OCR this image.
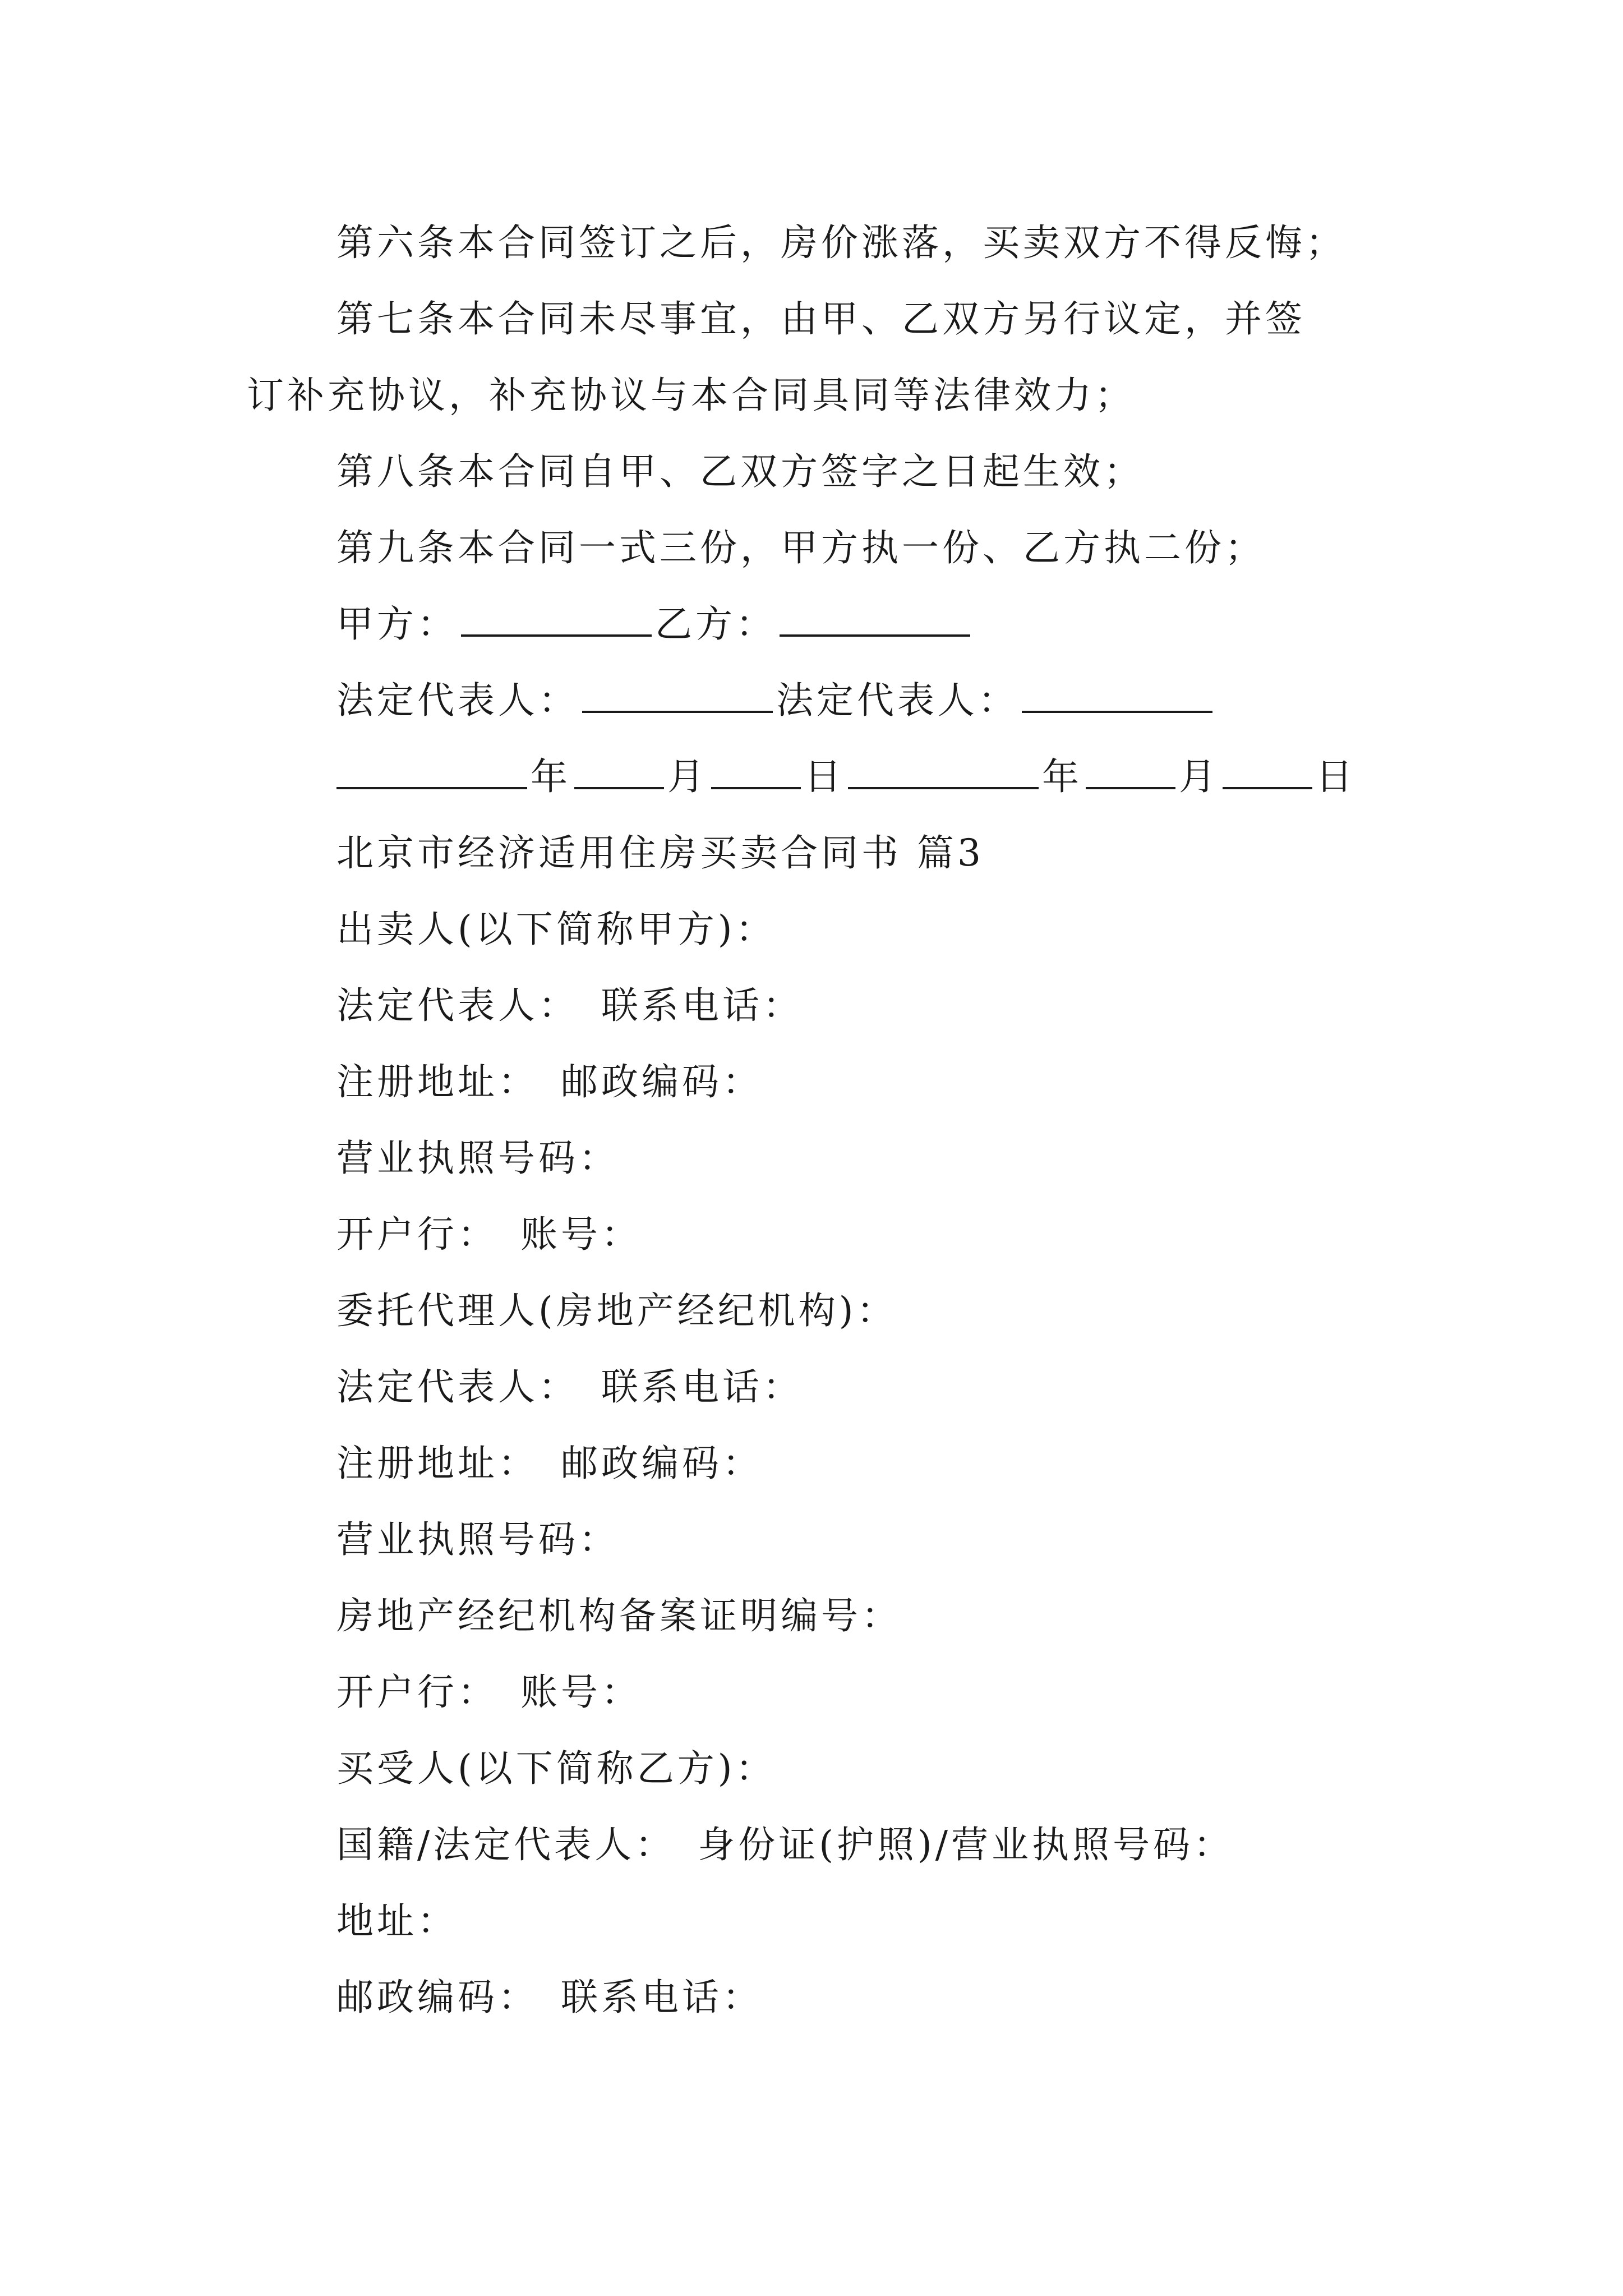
第六条本合同签订之后，房价涨落，买卖双方不得反悔；
第七条本合同未尽事宜，由甲、乙双方另行议定，并签
订补充协议，补充协议与本合同具同等法律效力；
第八条本合同自甲、乙双方签字之日起生效；
第九条本合同一式三份，甲方执一份、乙方执二份；
甲方：	乙方：
法定代表人：	法定代表人：
年	月	日	年	月	日
北京市经济适用住房买卖合同书 篇3
出卖人(以下简称甲方)：
法定代表人： 联系电话：
注册地址： 邮政编码：
营业执照号码：
开户行： 账号：
委托代理人(房地产经纪机构)：
法定代表人： 联系电话：
注册地址： 邮政编码：
营业执照号码：
房地产经纪机构备案证明编号：
开户行： 账号：
买受人(以下简称乙方)：
国籍/法定代表人： 身份证(护照)/营业执照号码：
地址：
邮政编码： 联系电话：
